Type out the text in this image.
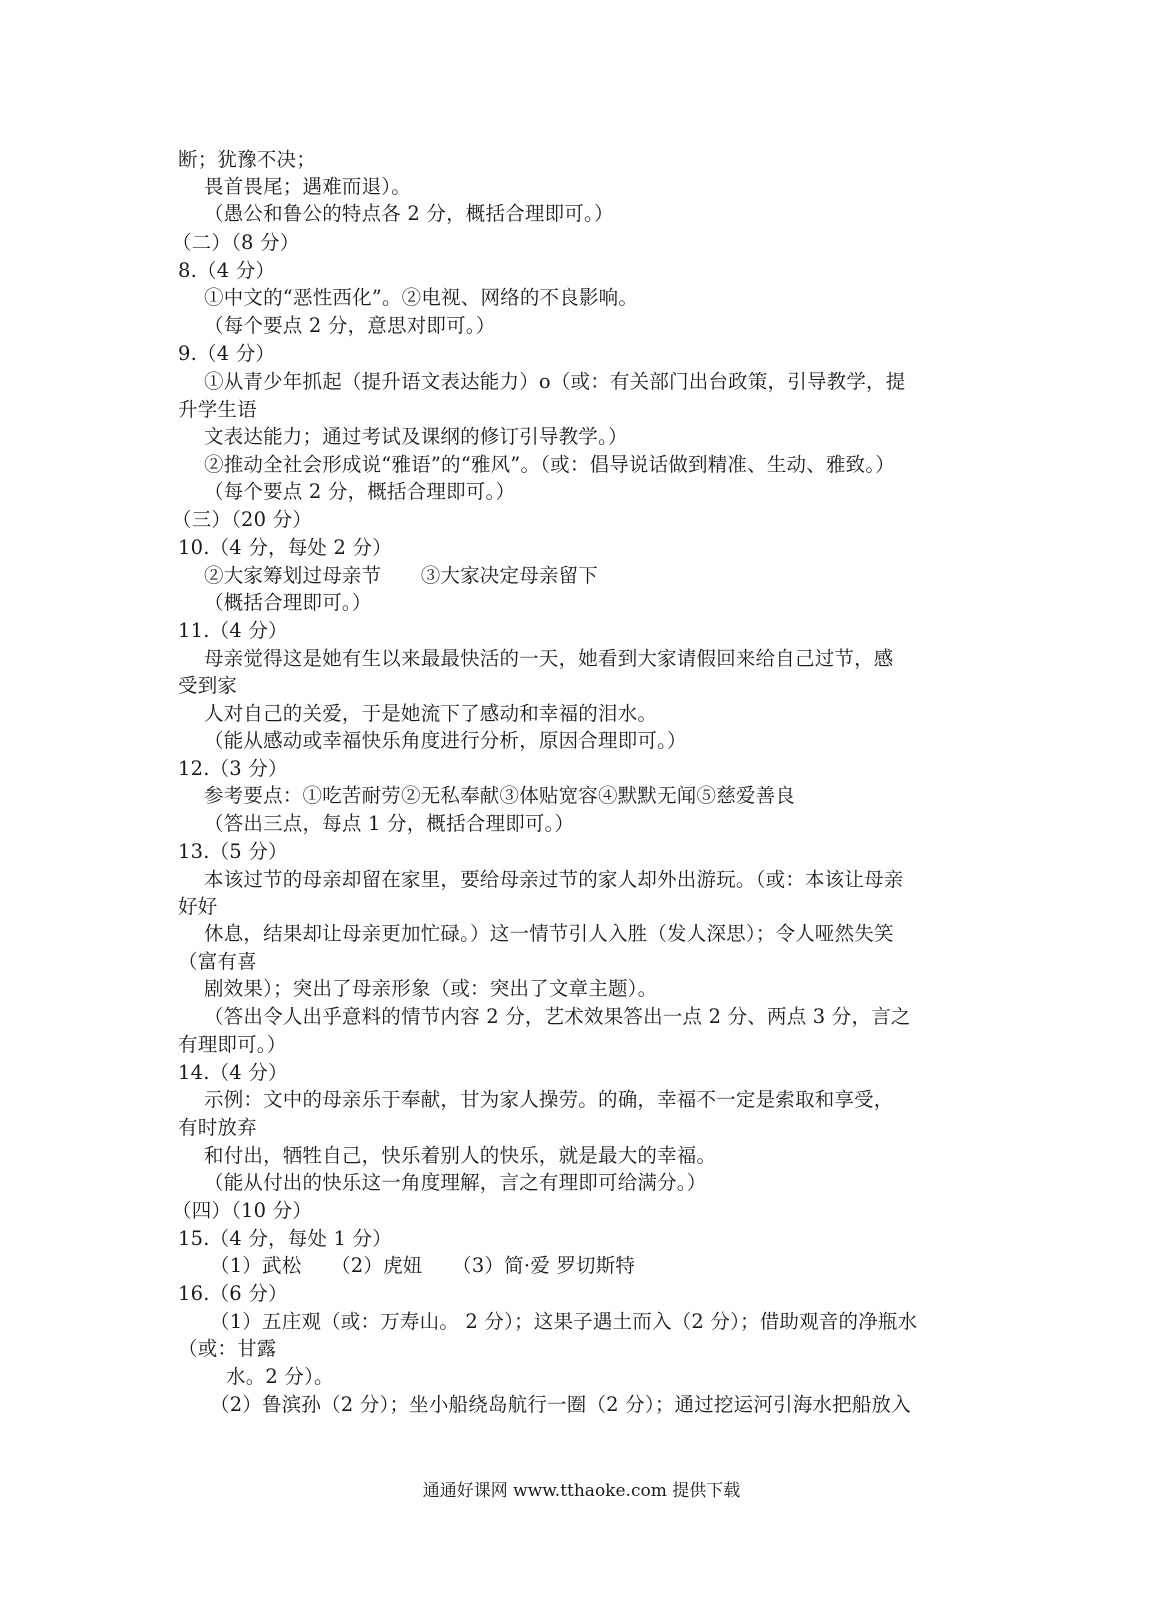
断；犹豫不决；
畏首畏尾；遇难而退）。
（愚公和鲁公的特点各 2 分，概括合理即可。）
（二）（8 分）
8.（4 分）
①中文的“恶性西化”。②电视、网络的不良影响。
（每个要点 2 分，意思对即可。）
9.（4 分）
①从青少年抓起（提升语文表达能力）o（或：有关部门出台政策，引导教学，提
升学生语
文表达能力；通过考试及课纲的修订引导教学。）
②推动全社会形成说“雅语”的“雅风”。（或：倡导说话做到精准、生动、雅致。）
（每个要点 2 分，概括合理即可。）
（三）（20 分）
10.（4 分，每处 2 分）
②大家筹划过母亲节　　③大家决定母亲留下
（概括合理即可。）
11.（4 分）
母亲觉得这是她有生以来最最快活的一天，她看到大家请假回来给自己过节，感
受到家
人对自己的关爱，于是她流下了感动和幸福的泪水。
（能从感动或幸福快乐角度进行分析，原因合理即可。）
12.（3 分）
参考要点：①吃苦耐劳②无私奉献③体贴宽容④默默无闻⑤慈爱善良
（答出三点，每点 1 分，概括合理即可。）
13.（5 分）
本该过节的母亲却留在家里，要给母亲过节的家人却外出游玩。（或：本该让母亲
好好
休息，结果却让母亲更加忙碌。）这一情节引人入胜（发人深思）；令人哑然失笑
（富有喜
剧效果）；突出了母亲形象（或：突出了文章主题）。
（答出令人出乎意料的情节内容 2 分，艺术效果答出一点 2 分、两点 3 分，言之
有理即可。）
14.（4 分）
示例：文中的母亲乐于奉献，甘为家人操劳。的确，幸福不一定是索取和享受，
有时放弃
和付出，牺牲自己，快乐着别人的快乐，就是最大的幸福。
（能从付出的快乐这一角度理解，言之有理即可给满分。）
（四）（10 分）
15.（4 分，每处 1 分）
（1）武松　　（2）虎妞　　（3）简·爱 罗切斯特
16.（6 分）
（1）五庄观（或：万寿山。 2 分）；这果子遇土而入（2 分）；借助观音的净瓶水
（或：甘露
水。2 分）。
（2）鲁滨孙（2 分）；坐小船绕岛航行一圈（2 分）；通过挖运河引海水把船放入
通通好课网 www.tthaoke.com 提供下载
